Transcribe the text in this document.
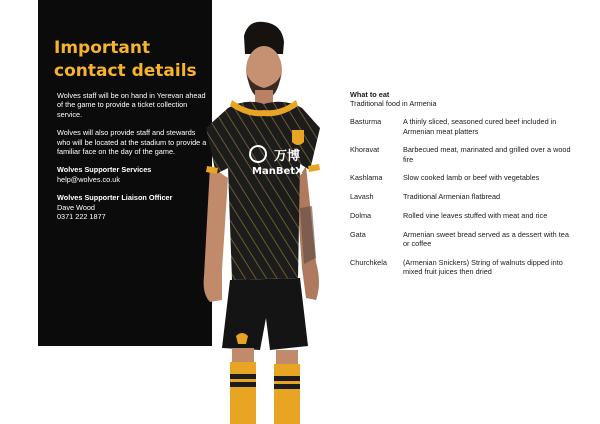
Important
contact details

Wolves staff will be on hand in Yerevan ahead of the game to provide a ticket collection service.

Wolves will also provide staff and stewards who will be located at the stadium to provide a familiar face on the day of the game.

Wolves Supporter Services
help@wolves.co.uk

Wolves Supporter Liaison Officer
Dave Wood
0371 222 1877

万博
ManBetX

What to eat

Traditional food in Armenia

Basturma	A thinly sliced, seasoned cured beef included in Armenian meat platters
Khoravat	Barbecued meat, marinated and grilled over a wood fire
Kashlama	Slow cooked lamb or beef with vegetables
Lavash	Traditional Armenian flatbread
Dolma	Rolled vine leaves stuffed with meat and rice
Gata	Armenian sweet bread served as a dessert with tea or coffee
Churchkela	(Armenian Snickers) String of walnuts dipped into mixed fruit juices then dried
